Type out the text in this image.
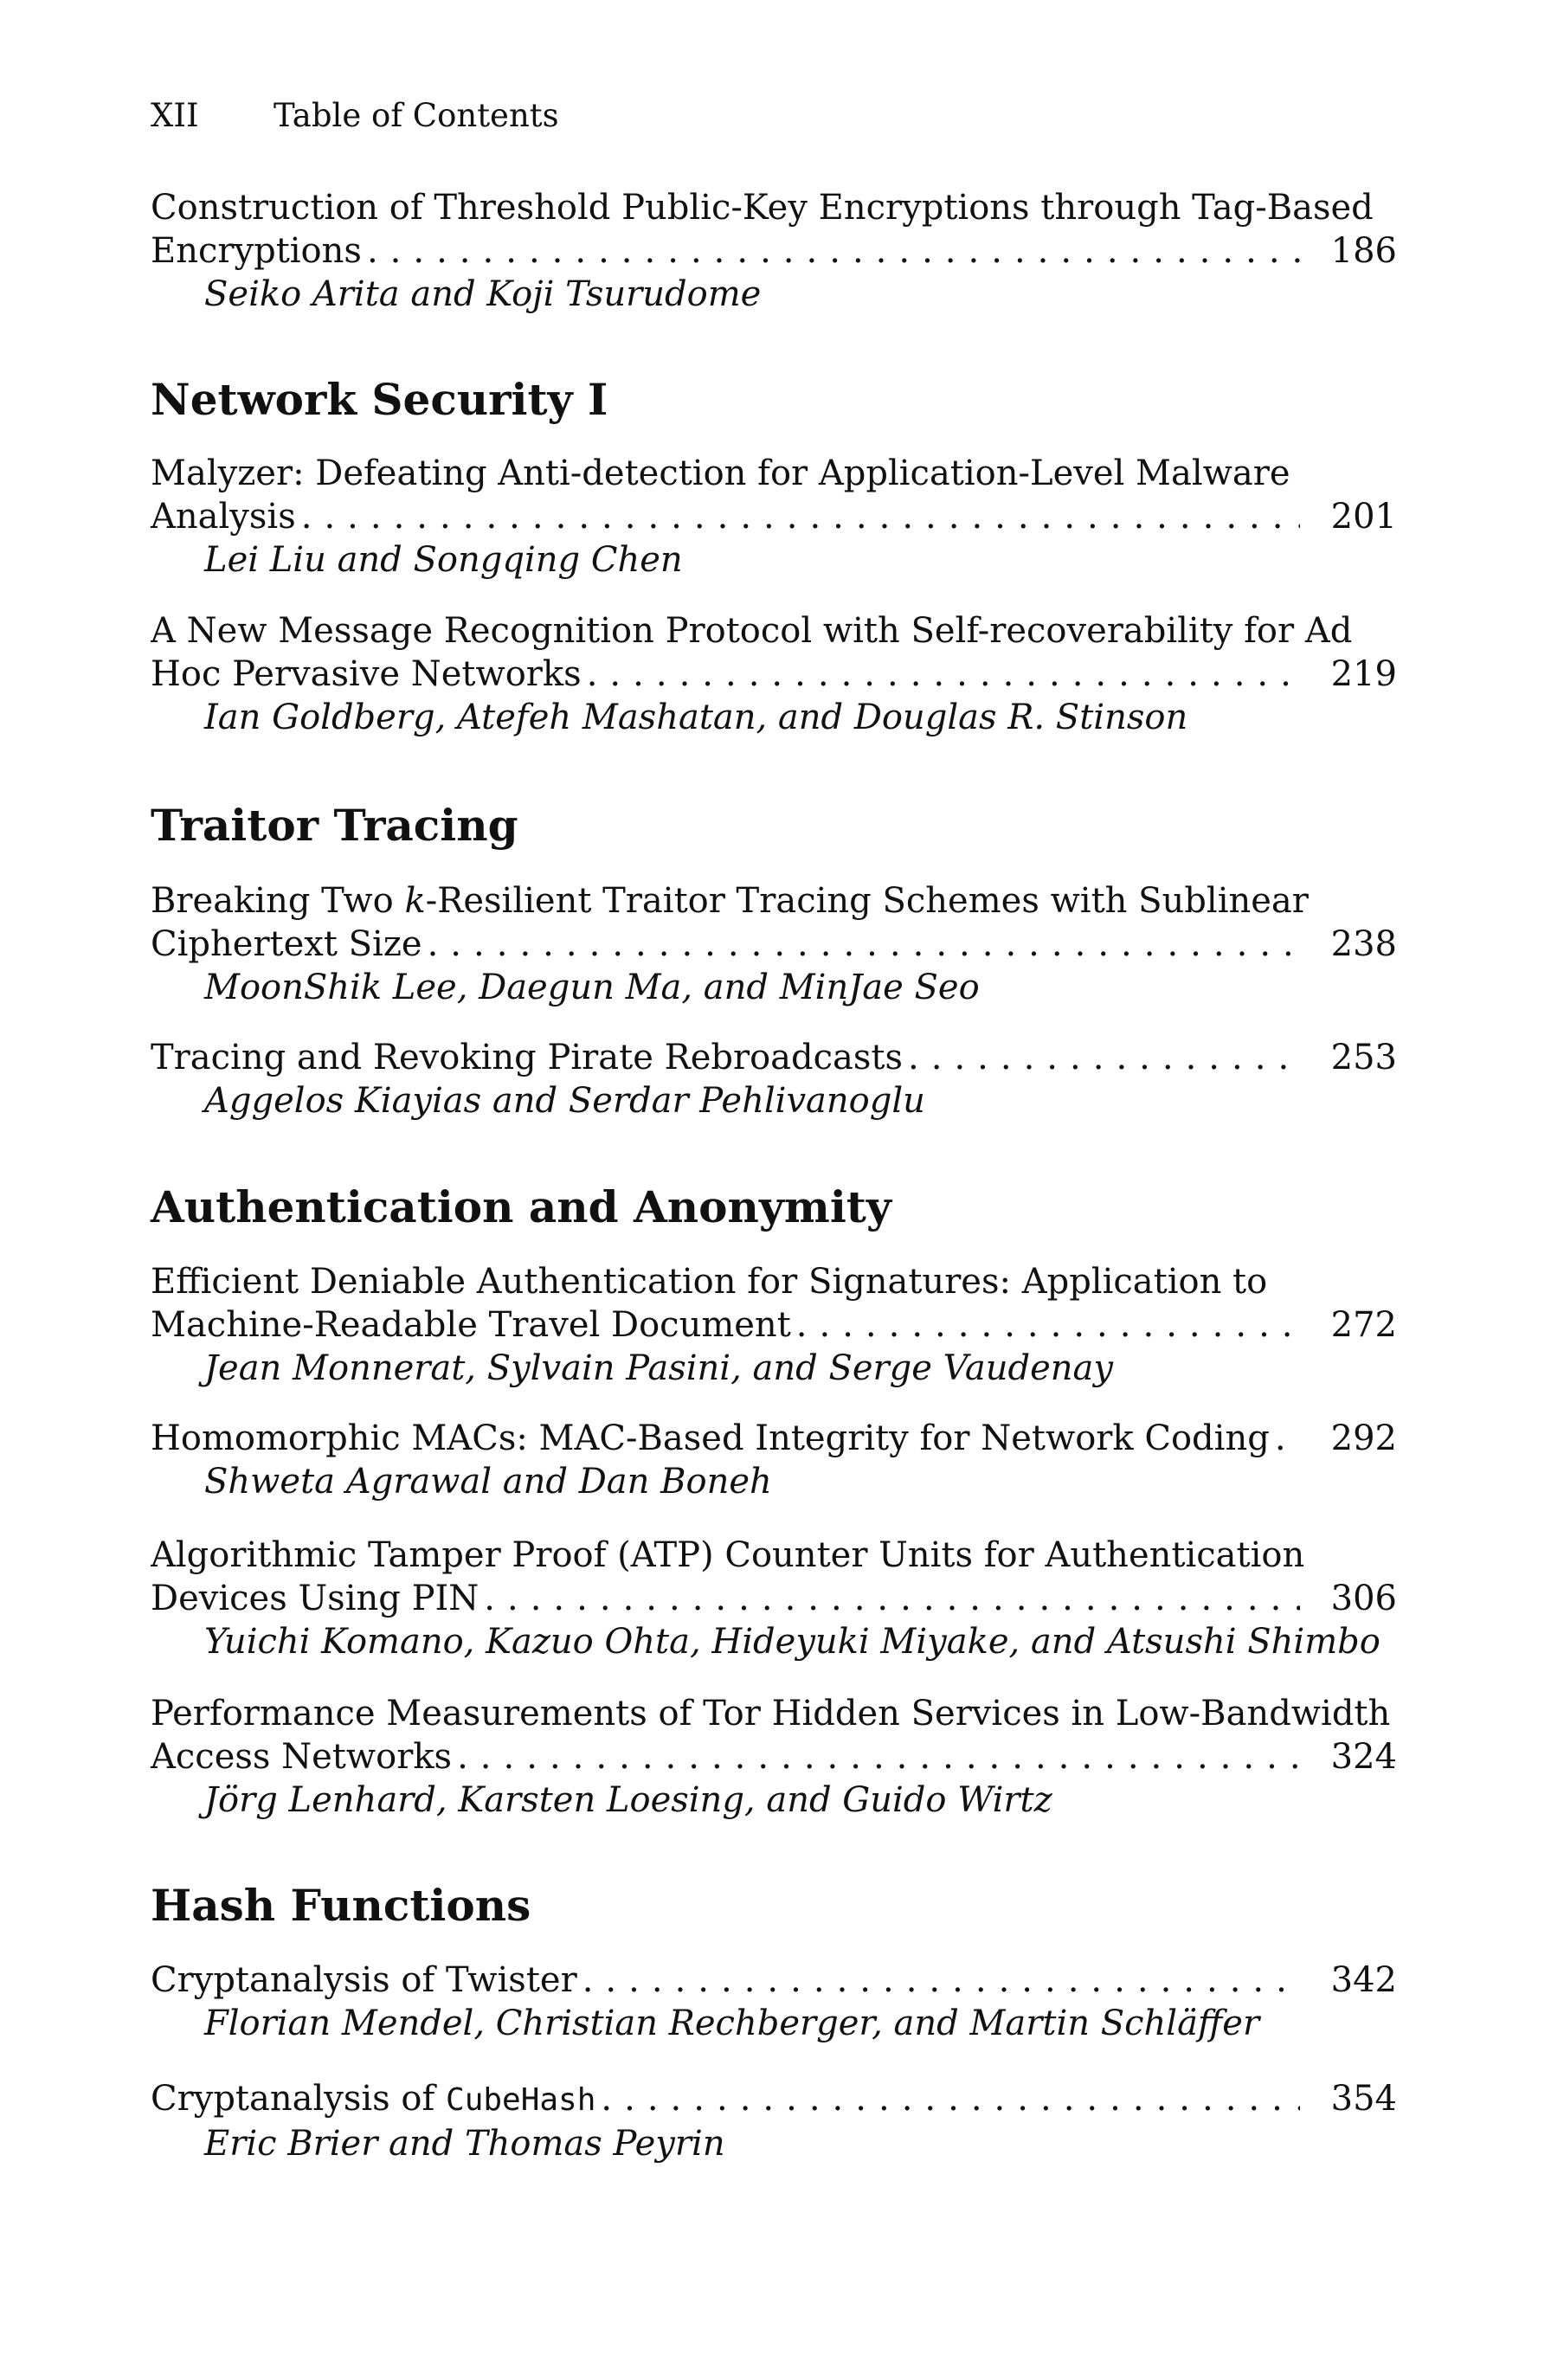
XII Table of Contents
Construction of Threshold Public-Key Encryptions through Tag-Based
Encryptions .....	186
Seiko Arita and Koji Tsurudome
Network Security I
Malyzer: Defeating Anti-detection for Application-Level Malware
Analysis .....	201
Lei Liu and Songqing Chen
A New Message Recognition Protocol with Self-recoverability for Ad
Hoc Pervasive Networks .....	219
Ian Goldberg, Atefeh Mashatan, and Douglas R. Stinson
Traitor Tracing
Breaking Two k-Resilient Traitor Tracing Schemes with Sublinear
Ciphertext Size .....	238
MoonShik Lee, Daegun Ma, and MinJae Seo
Tracing and Revoking Pirate Rebroadcasts .....	253
Aggelos Kiayias and Serdar Pehlivanoglu
Authentication and Anonymity
Efficient Deniable Authentication for Signatures: Application to
Machine-Readable Travel Document .....	272
Jean Monnerat, Sylvain Pasini, and Serge Vaudenay
Homomorphic MACs: MAC-Based Integrity for Network Coding .....	292
Shweta Agrawal and Dan Boneh
Algorithmic Tamper Proof (ATP) Counter Units for Authentication
Devices Using PIN .....	306
Yuichi Komano, Kazuo Ohta, Hideyuki Miyake, and Atsushi Shimbo
Performance Measurements of Tor Hidden Services in Low-Bandwidth
Access Networks .....	324
Jörg Lenhard, Karsten Loesing, and Guido Wirtz
Hash Functions
Cryptanalysis of Twister .....	342
Florian Mendel, Christian Rechberger, and Martin Schläffer
Cryptanalysis of CubeHash .....	354
Eric Brier and Thomas Peyrin
